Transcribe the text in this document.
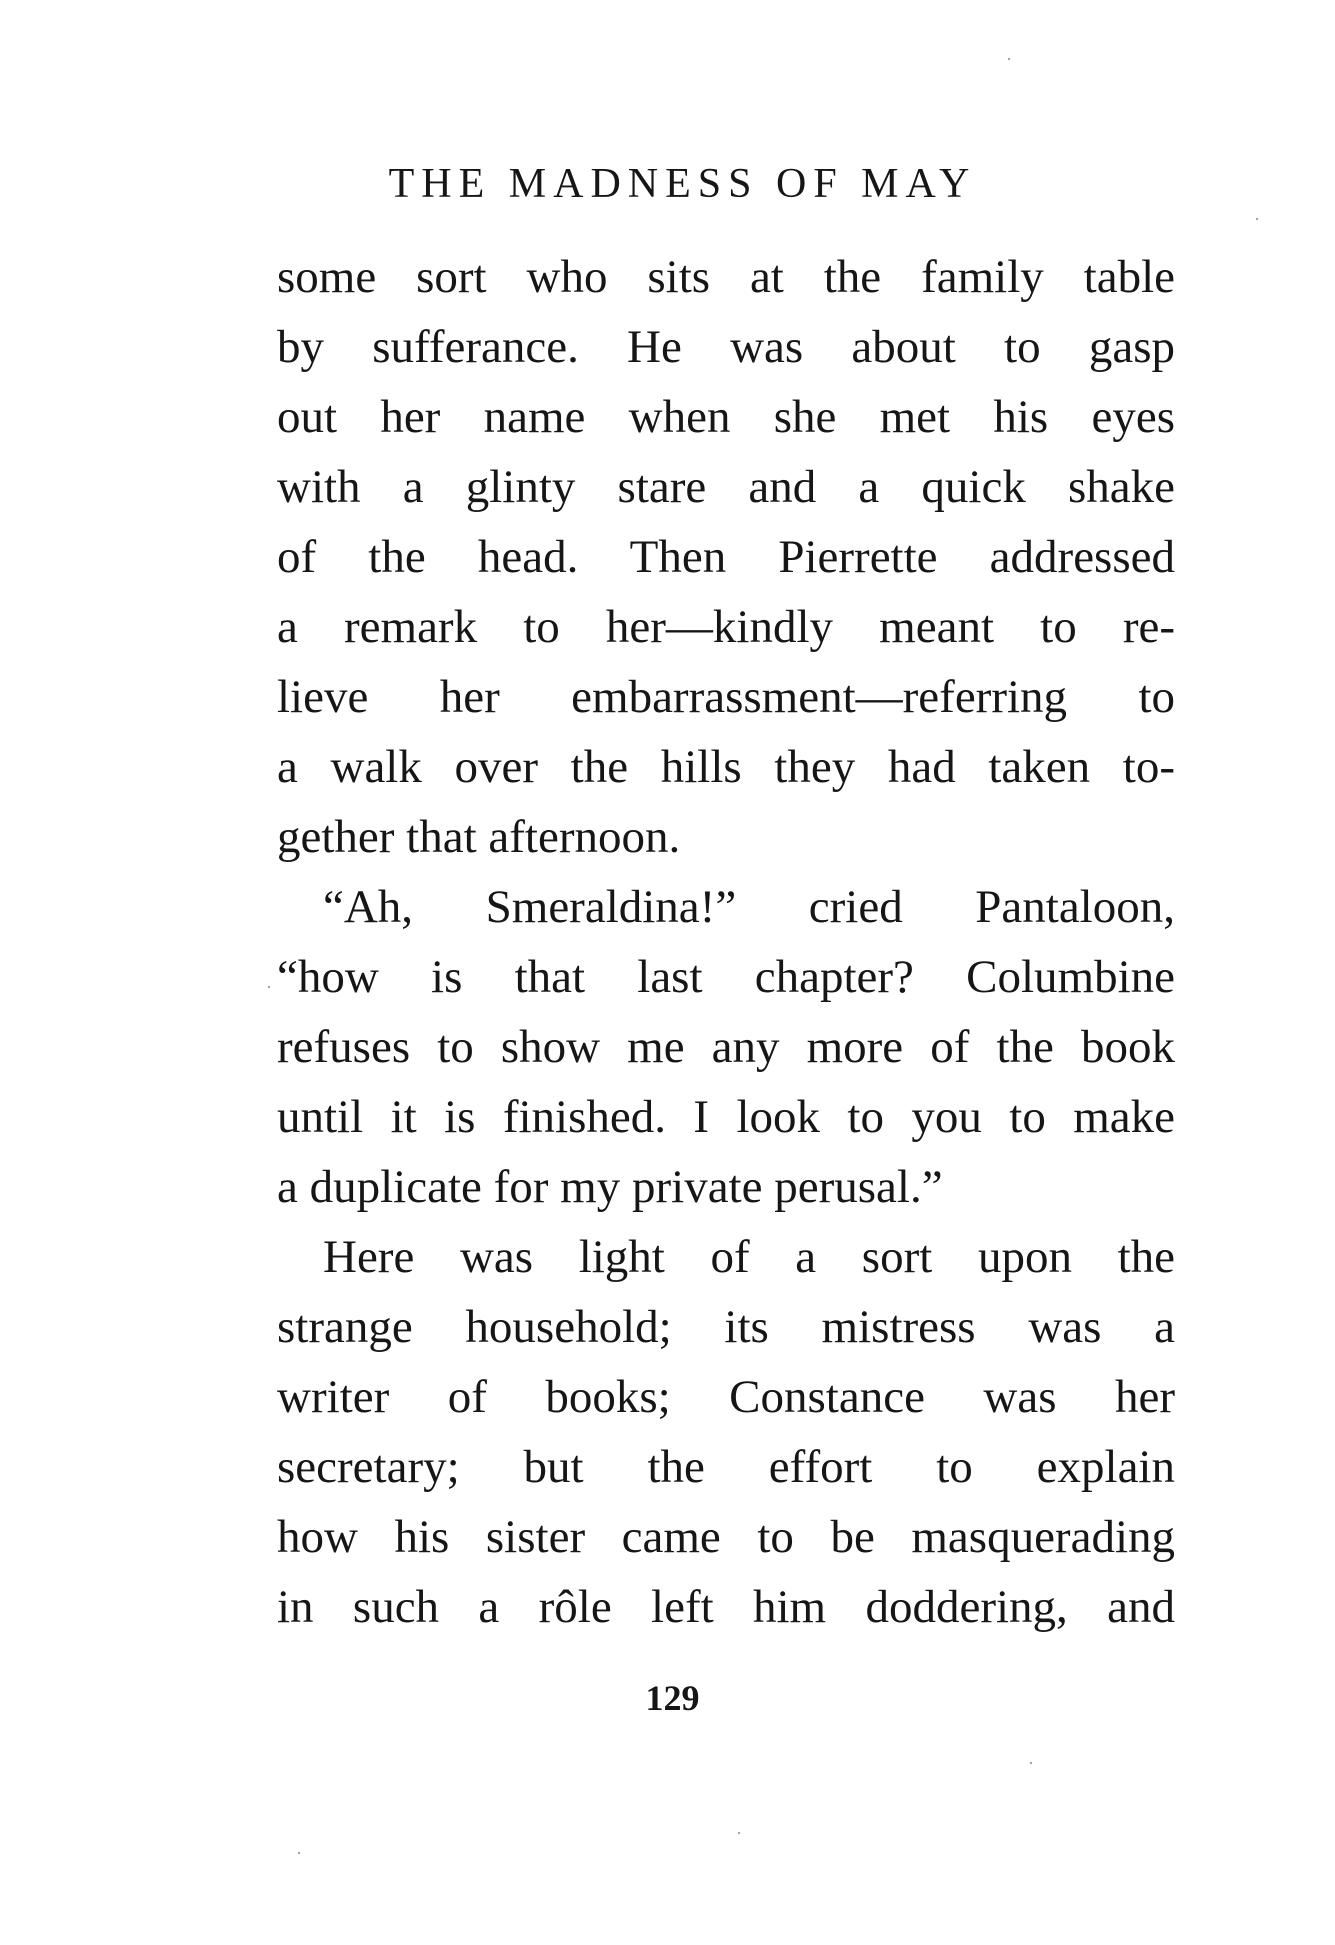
THE MADNESS OF MAY
some sort who sits at the family table
by sufferance. He was about to gasp
out her name when she met his eyes
with a glinty stare and a quick shake
of the head. Then Pierrette addressed
a remark to her—kindly meant to re-
lieve her embarrassment—referring to
a walk over the hills they had taken to-
gether that afternoon.
“Ah, Smeraldina!” cried Pantaloon,
“how is that last chapter? Columbine
refuses to show me any more of the book
until it is finished. I look to you to make
a duplicate for my private perusal.”
Here was light of a sort upon the
strange household; its mistress was a
writer of books; Constance was her
secretary; but the effort to explain
how his sister came to be masquerading
in such a rôle left him doddering, and
129
